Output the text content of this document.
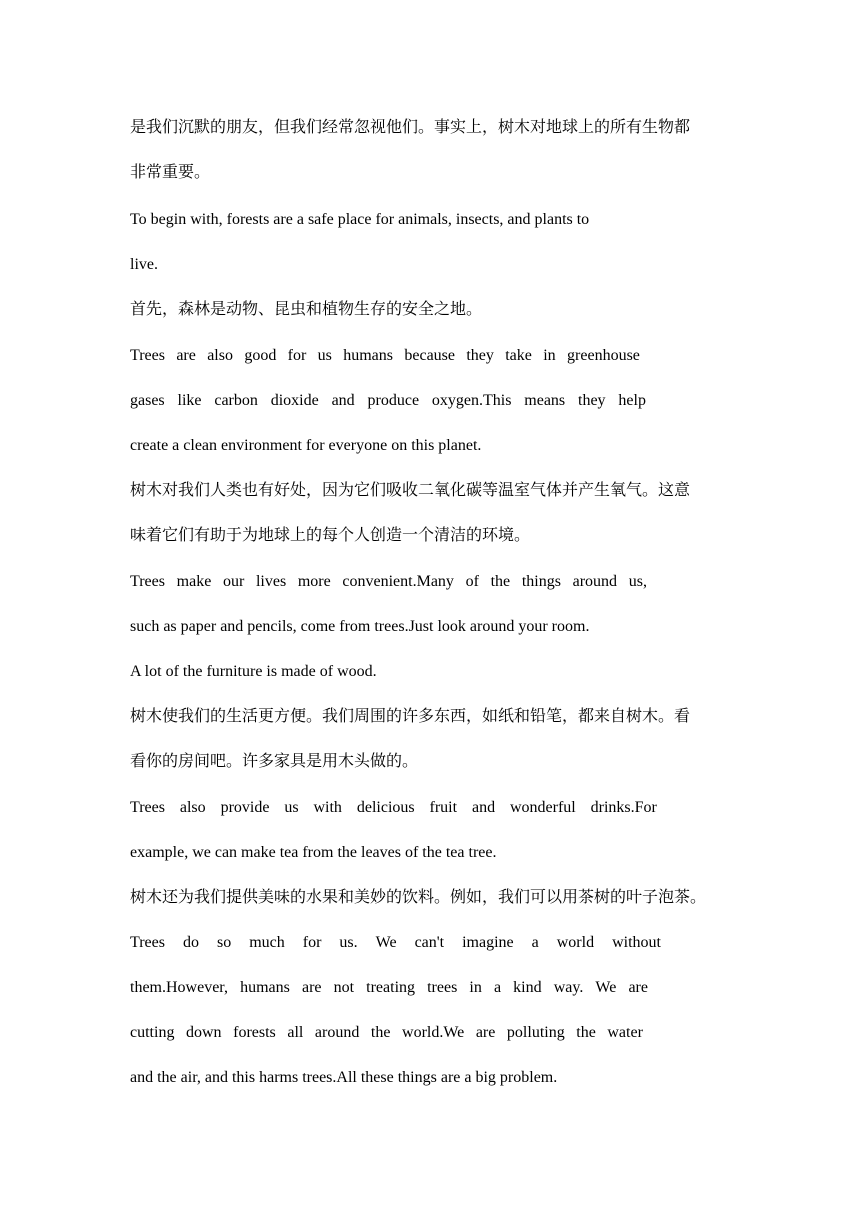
是我们沉默的朋友，但我们经常忽视他们。事实上，树木对地球上的所有生物都
非常重要。
To begin with, forests are a safe place for animals, insects, and plants to
live.
首先，森林是动物、昆虫和植物生存的安全之地。
Trees are also good for us humans because they take in greenhouse
gases like carbon dioxide and produce oxygen.This means they help
create a clean environment for everyone on this planet.
树木对我们人类也有好处，因为它们吸收二氧化碳等温室气体并产生氧气。这意
味着它们有助于为地球上的每个人创造一个清洁的环境。
Trees make our lives more convenient.Many of the things around us,
such as paper and pencils, come from trees.Just look around your room.
A lot of the furniture is made of wood.
树木使我们的生活更方便。我们周围的许多东西，如纸和铅笔，都来自树木。看
看你的房间吧。许多家具是用木头做的。
Trees also provide us with delicious fruit and wonderful drinks.For
example, we can make tea from the leaves of the tea tree.
树木还为我们提供美味的水果和美妙的饮料。例如，我们可以用茶树的叶子泡茶。
Trees do so much for us. We can't imagine a world without
them.However, humans are not treating trees in a kind way. We are
cutting down forests all around the world.We are polluting the water
and the air, and this harms trees.All these things are a big problem.
